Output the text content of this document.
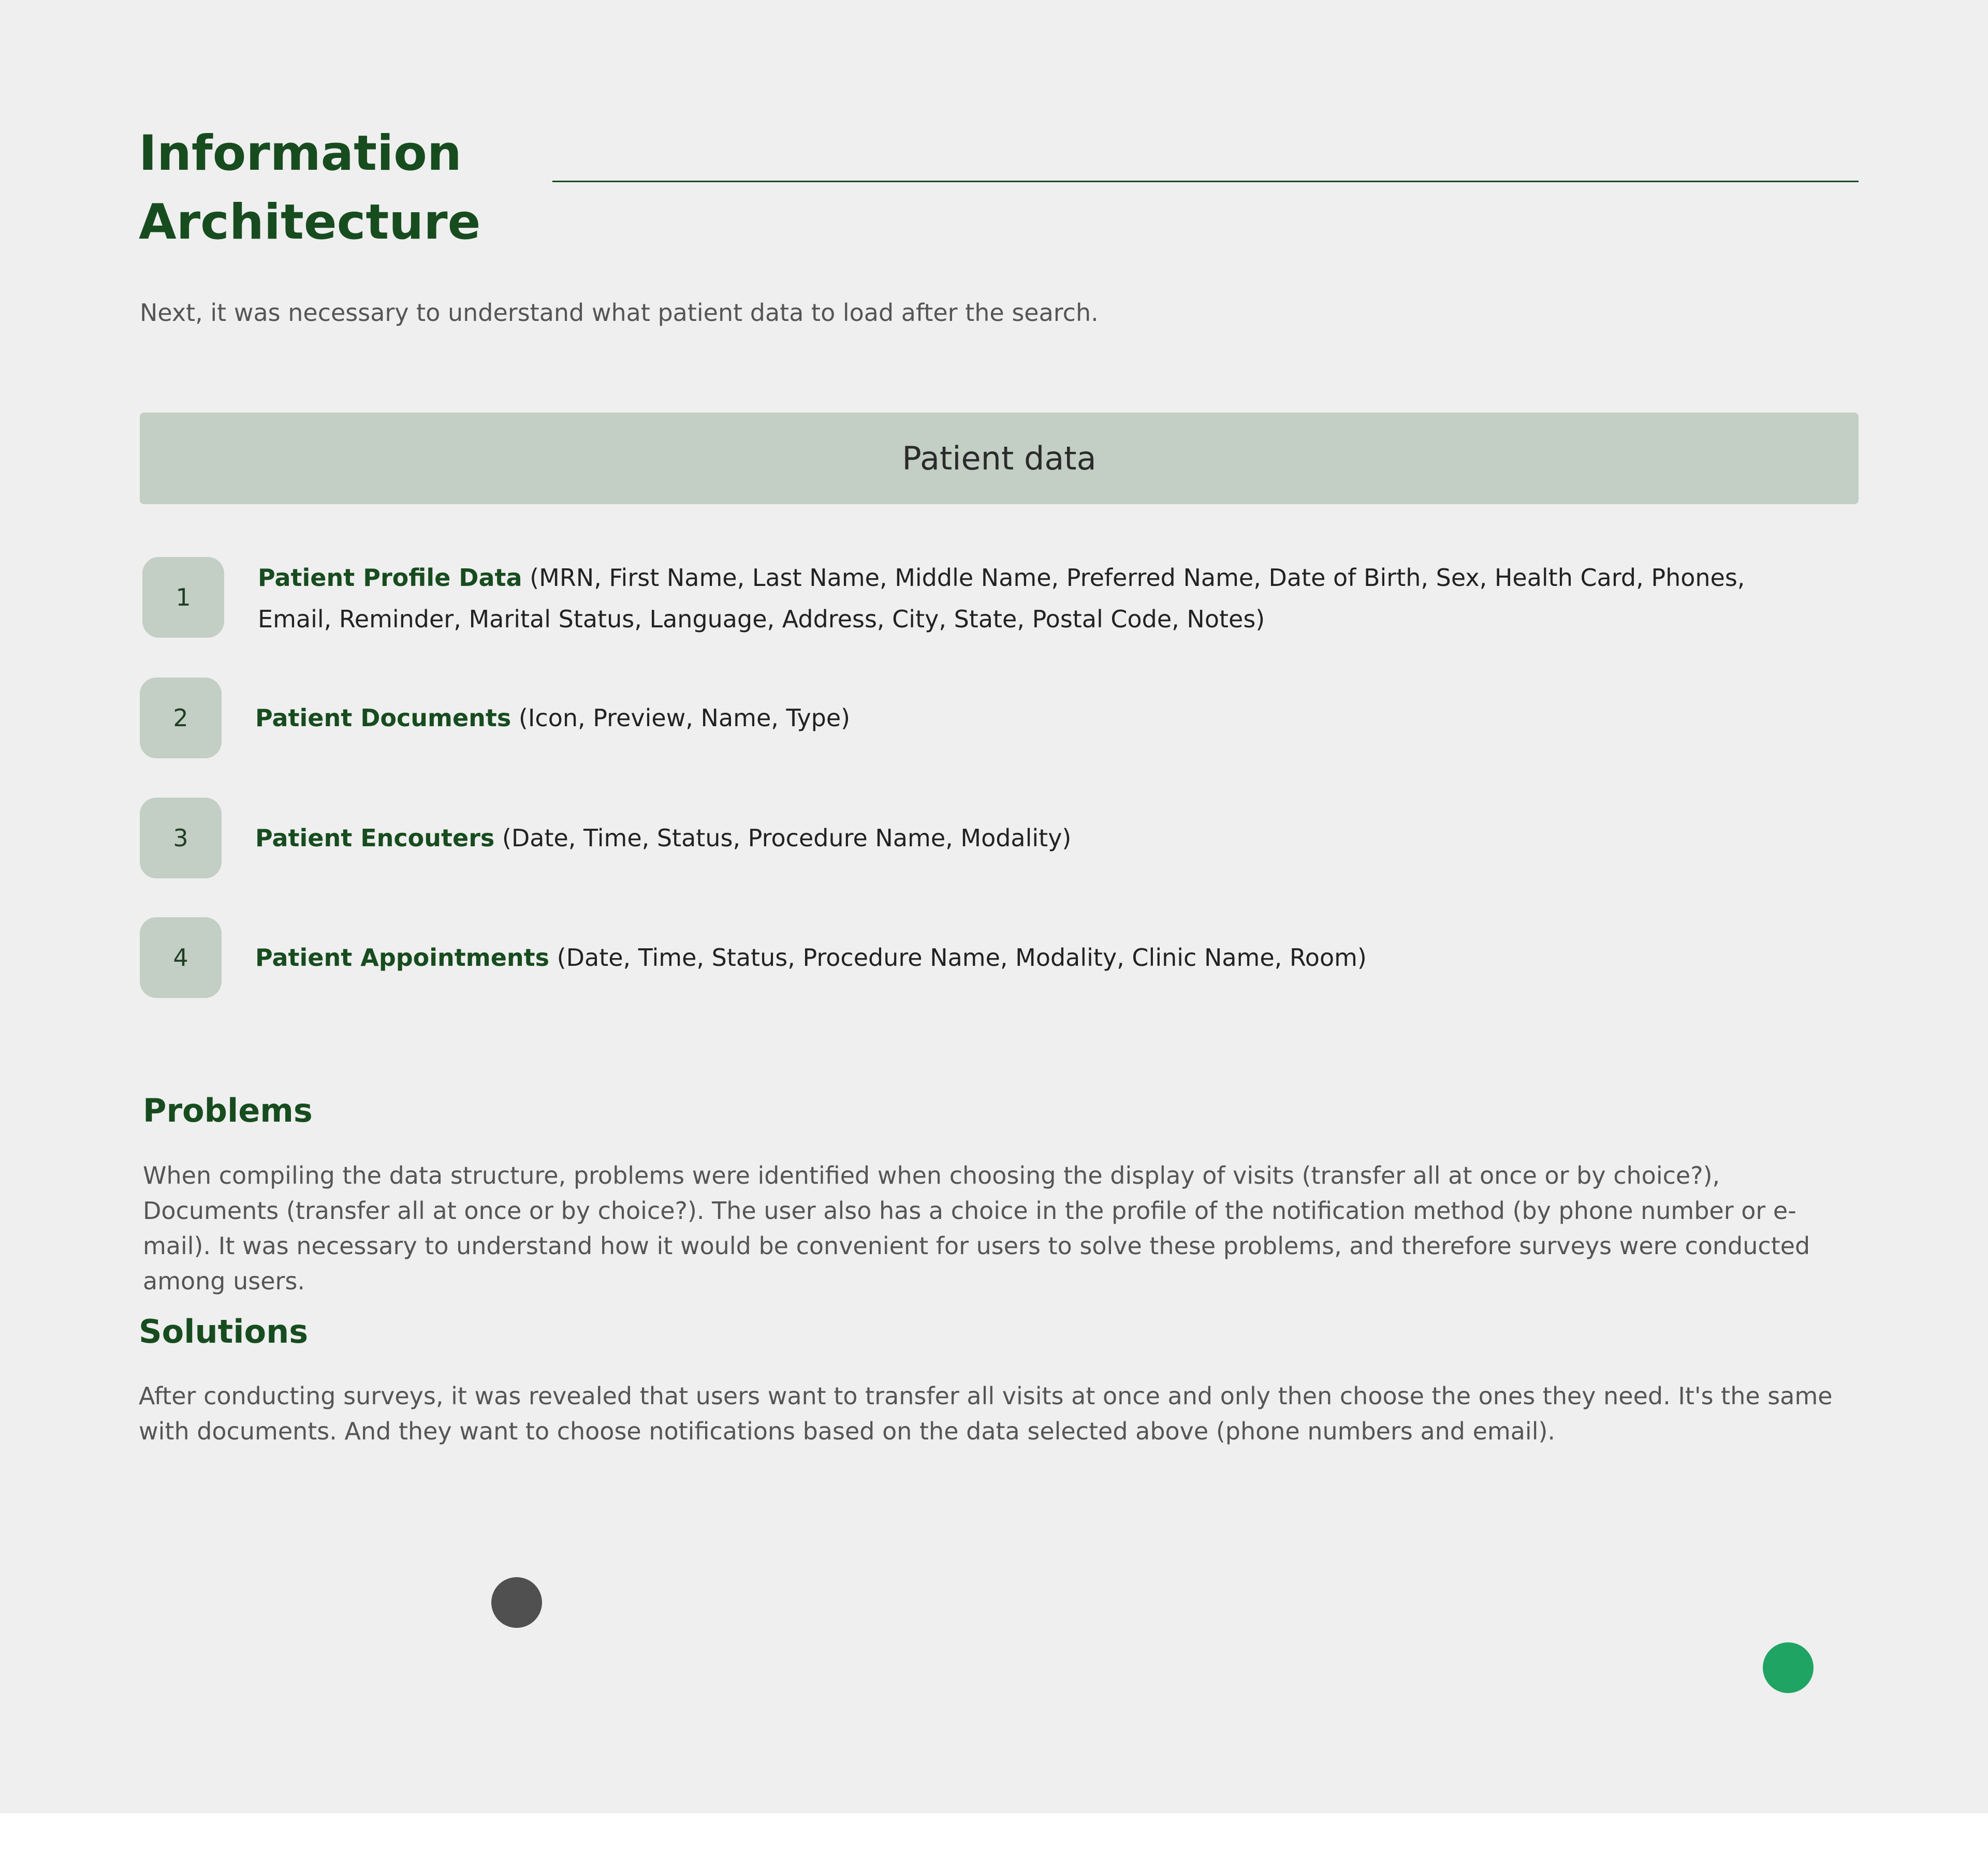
Information
Architecture

Next, it was necessary to understand what patient data to load after the search.

Patient data
1

Patient Profile Data (MRN, First Name, Last Name, Middle Name, Preferred Name, Date of Birth, Sex, Health Card, Phones, Email, Reminder, Marital Status, Language, Address, City, State, Postal Code, Notes)

2	Patient Documents (Icon, Preview, Name, Type)

3	Patient Encouters (Date, Time, Status, Procedure Name, Modality)

4	Patient Appointments (Date, Time, Status, Procedure Name, Modality, Clinic Name, Room)

Problems

When compiling the data structure, problems were identified when choosing the display of visits (transfer all at once or by choice?), Documents (transfer all at once or by choice?). The user also has a choice in the profile of the notification method (by phone number or e-mail). It was necessary to understand how it would be convenient for users to solve these problems, and therefore surveys were conducted among users.

Solutions

After conducting surveys, it was revealed that users want to transfer all visits at once and only then choose the ones they need. It's the same with documents. And they want to choose notifications based on the data selected above (phone numbers and email).
